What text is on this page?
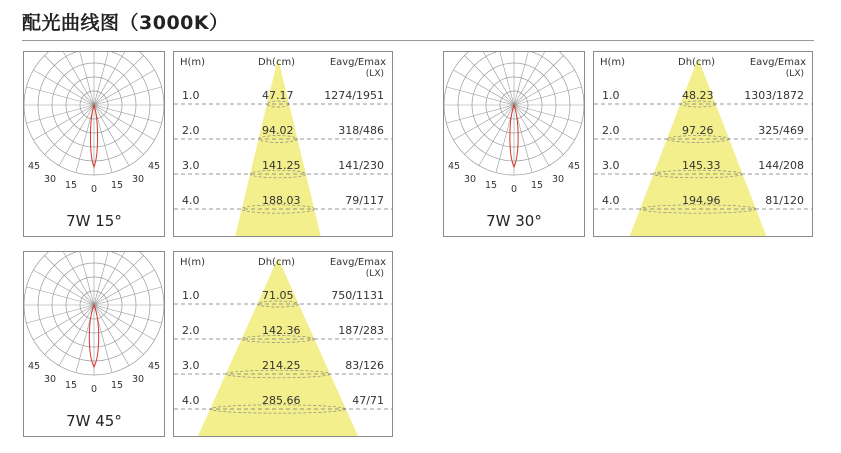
配光曲线图（3000K）
45
30
15 0 15
30
45
7W 15°
H(m)	Dh(cm)	Eavg/Emax
(LX)
1.0	47.17	1274/1951
2.0	94.02	318/486
3.0	141.25	141/230
4.0	188.03	79/117
45
30
15 0 15
30
45
7W 30°
H(m)	Dh(cm)	Eavg/Emax
(LX)
1.0	48.23	1303/1872
2.0	97.26	325/469
3.0	145.33	144/208
4.0	194.96	81/120
45
30
15 0 15
30
45
7W 45°
H(m)	Dh(cm)	Eavg/Emax
(LX)
1.0	71.05	750/1131
2.0	142.36	187/283
3.0	214.25	83/126
4.0	285.66	47/71
